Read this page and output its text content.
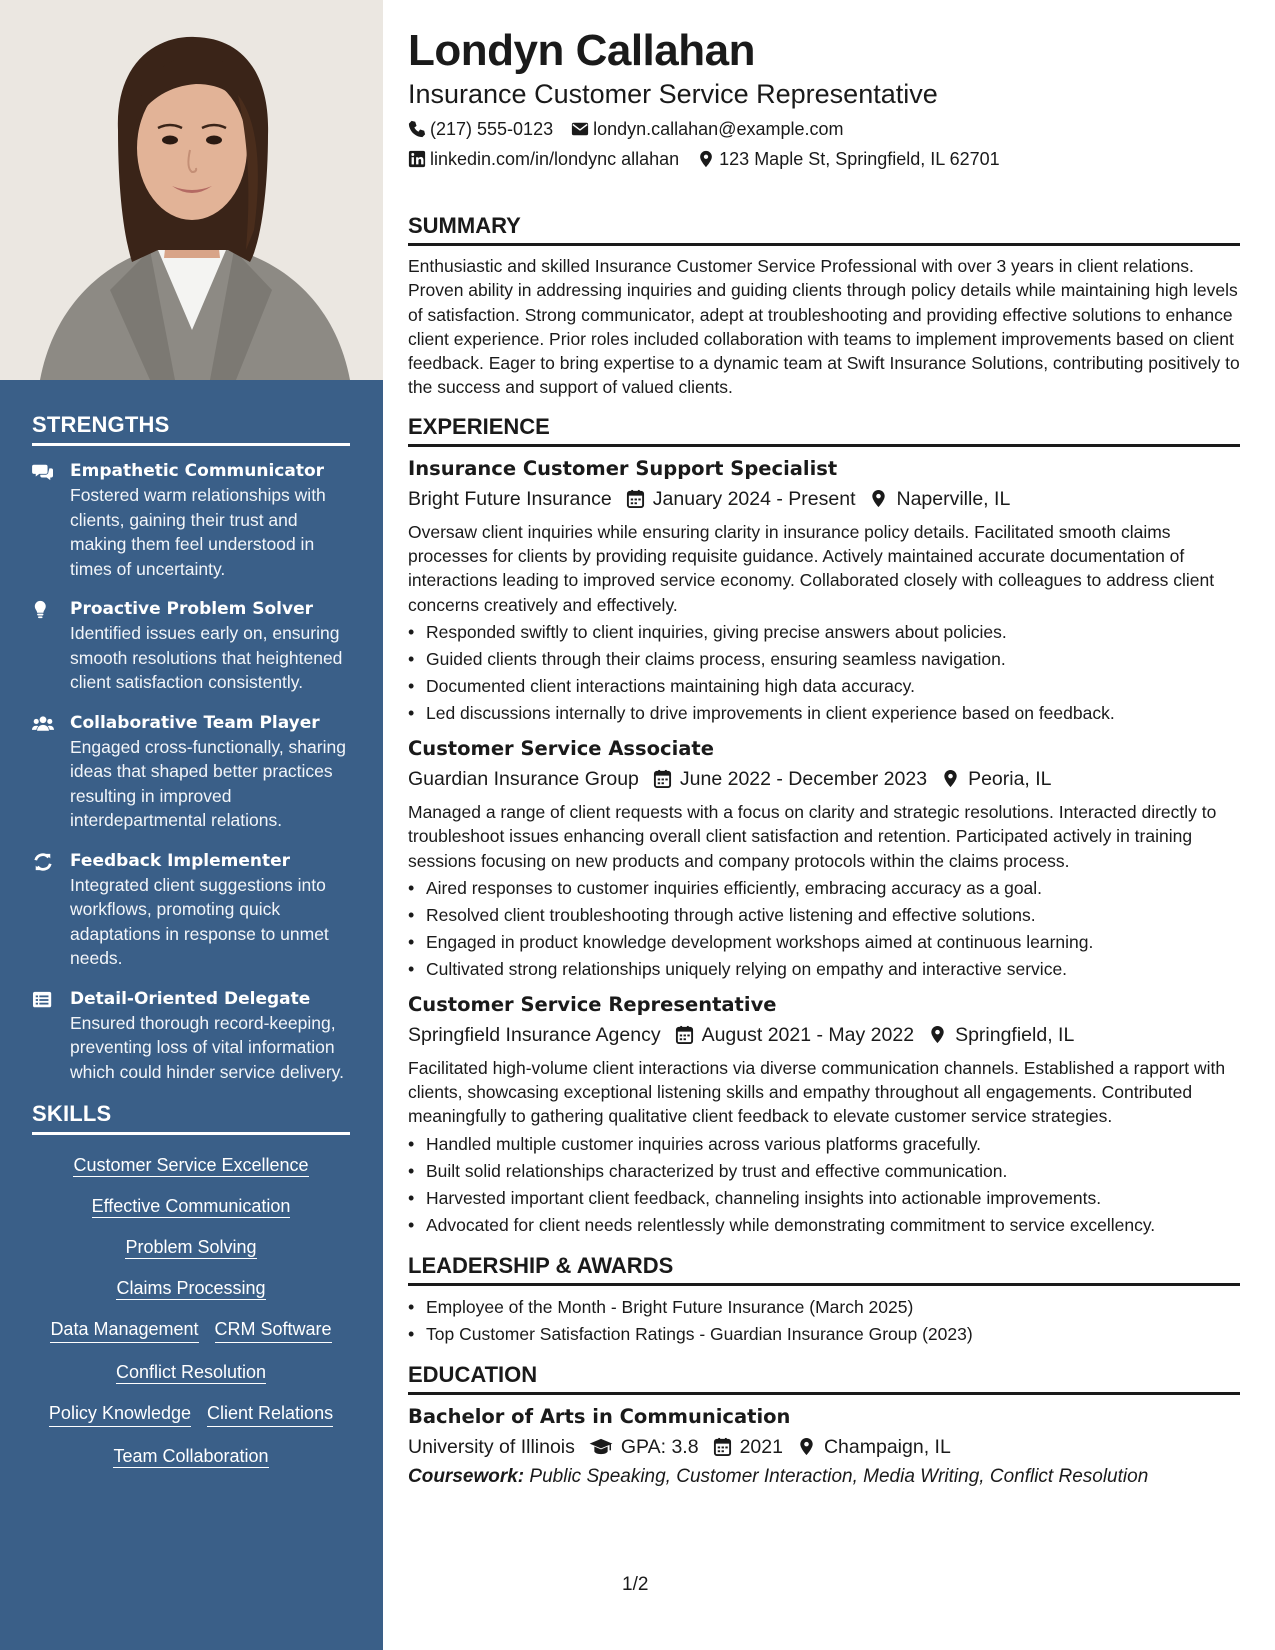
STRENGTHS
Empathetic Communicator
Fostered warm relationships with clients, gaining their trust and making them feel understood in times of uncertainty.
Proactive Problem Solver
Identified issues early on, ensuring smooth resolutions that heightened client satisfaction consistently.
Collaborative Team Player
Engaged cross-functionally, sharing ideas that shaped better practices resulting in improved interdepartmental relations.
Feedback Implementer
Integrated client suggestions into workflows, promoting quick adaptations in response to unmet needs.
Detail-Oriented Delegate
Ensured thorough record-keeping, preventing loss of vital information which could hinder service delivery.
SKILLS
Customer Service Excellence
Effective Communication
Problem Solving
Claims Processing
Data Management CRM Software
Conflict Resolution
Policy Knowledge Client Relations
Team Collaboration
Londyn Callahan
Insurance Customer Service Representative
(217) 555-0123 londyn.callahan@example.com
linkedin.com/in/londync allahan 123 Maple St, Springfield, IL 62701
SUMMARY
Enthusiastic and skilled Insurance Customer Service Professional with over 3 years in client relations. Proven ability in addressing inquiries and guiding clients through policy details while maintaining high levels of satisfaction. Strong communicator, adept at troubleshooting and providing effective solutions to enhance client experience. Prior roles included collaboration with teams to implement improvements based on client feedback. Eager to bring expertise to a dynamic team at Swift Insurance Solutions, contributing positively to the success and support of valued clients.
EXPERIENCE
Insurance Customer Support Specialist
Bright Future Insurance January 2024 - Present Naperville, IL
Oversaw client inquiries while ensuring clarity in insurance policy details. Facilitated smooth claims processes for clients by providing requisite guidance. Actively maintained accurate documentation of interactions leading to improved service economy. Collaborated closely with colleagues to address client concerns creatively and effectively.
• Responded swiftly to client inquiries, giving precise answers about policies.
• Guided clients through their claims process, ensuring seamless navigation.
• Documented client interactions maintaining high data accuracy.
• Led discussions internally to drive improvements in client experience based on feedback.
Customer Service Associate
Guardian Insurance Group June 2022 - December 2023 Peoria, IL
Managed a range of client requests with a focus on clarity and strategic resolutions. Interacted directly to troubleshoot issues enhancing overall client satisfaction and retention. Participated actively in training sessions focusing on new products and company protocols within the claims process.
• Aired responses to customer inquiries efficiently, embracing accuracy as a goal.
• Resolved client troubleshooting through active listening and effective solutions.
• Engaged in product knowledge development workshops aimed at continuous learning.
• Cultivated strong relationships uniquely relying on empathy and interactive service.
Customer Service Representative
Springfield Insurance Agency August 2021 - May 2022 Springfield, IL
Facilitated high-volume client interactions via diverse communication channels. Established a rapport with clients, showcasing exceptional listening skills and empathy throughout all engagements. Contributed meaningfully to gathering qualitative client feedback to elevate customer service strategies.
• Handled multiple customer inquiries across various platforms gracefully.
• Built solid relationships characterized by trust and effective communication.
• Harvested important client feedback, channeling insights into actionable improvements.
• Advocated for client needs relentlessly while demonstrating commitment to service excellency.
LEADERSHIP & AWARDS
• Employee of the Month - Bright Future Insurance (March 2025)
• Top Customer Satisfaction Ratings - Guardian Insurance Group (2023)
EDUCATION
Bachelor of Arts in Communication
University of Illinois GPA: 3.8 2021 Champaign, IL
Coursework: Public Speaking, Customer Interaction, Media Writing, Conflict Resolution
1/2
